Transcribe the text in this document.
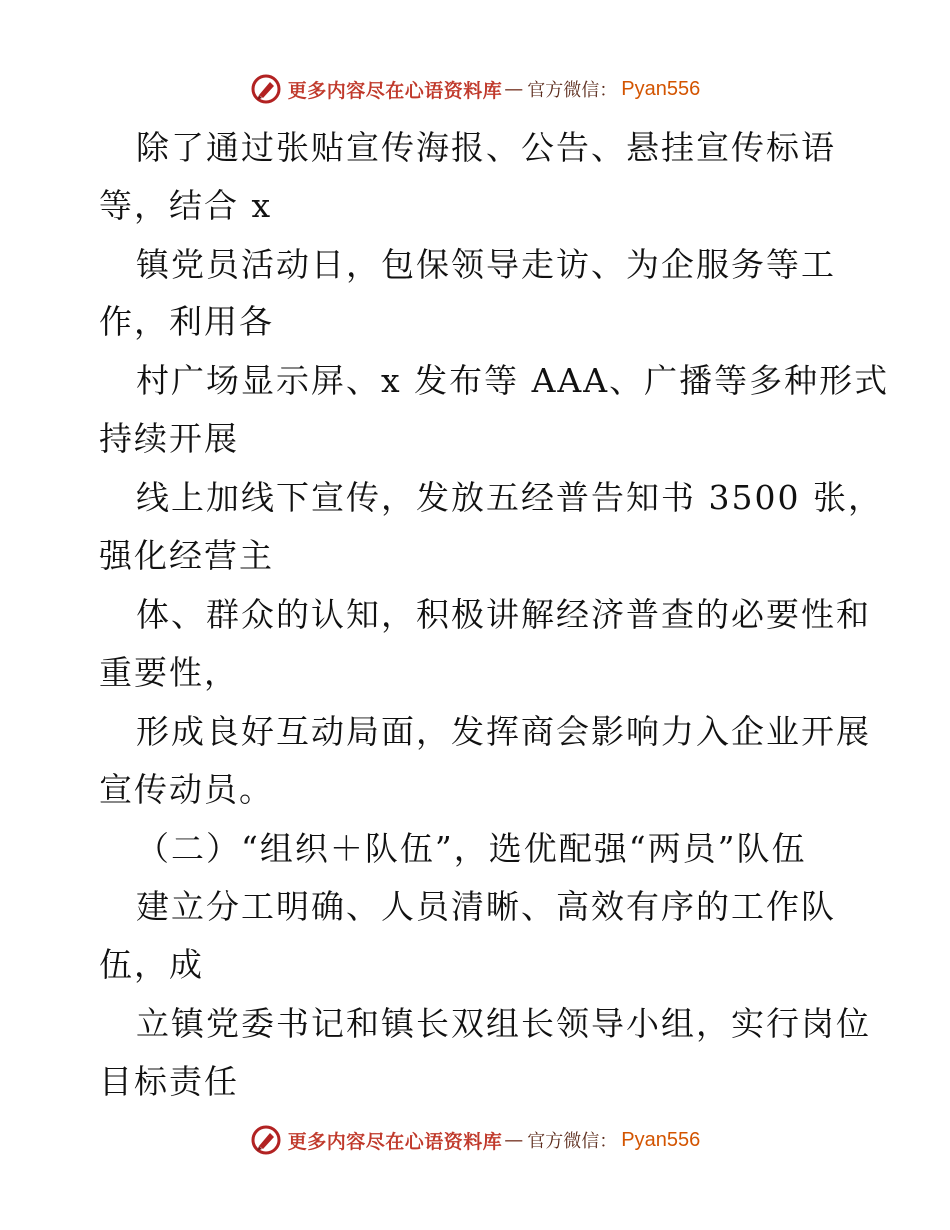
更多内容尽在心语资料库 — 官方微信： Pyan556
除了通过张贴宣传海报、公告、悬挂宣传标语
等，结合 x
镇党员活动日，包保领导走访、为企服务等工
作，利用各
村广场显示屏、x 发布等 AAA、广播等多种形式
持续开展
线上加线下宣传，发放五经普告知书 3500 张，
强化经营主
体、群众的认知，积极讲解经济普查的必要性和
重要性，
形成良好互动局面，发挥商会影响力入企业开展
宣传动员。
（二）“组织＋队伍”，选优配强“两员”队伍
建立分工明确、人员清晰、高效有序的工作队
伍，成
立镇党委书记和镇长双组长领导小组，实行岗位
目标责任
更多内容尽在心语资料库 — 官方微信： Pyan556
